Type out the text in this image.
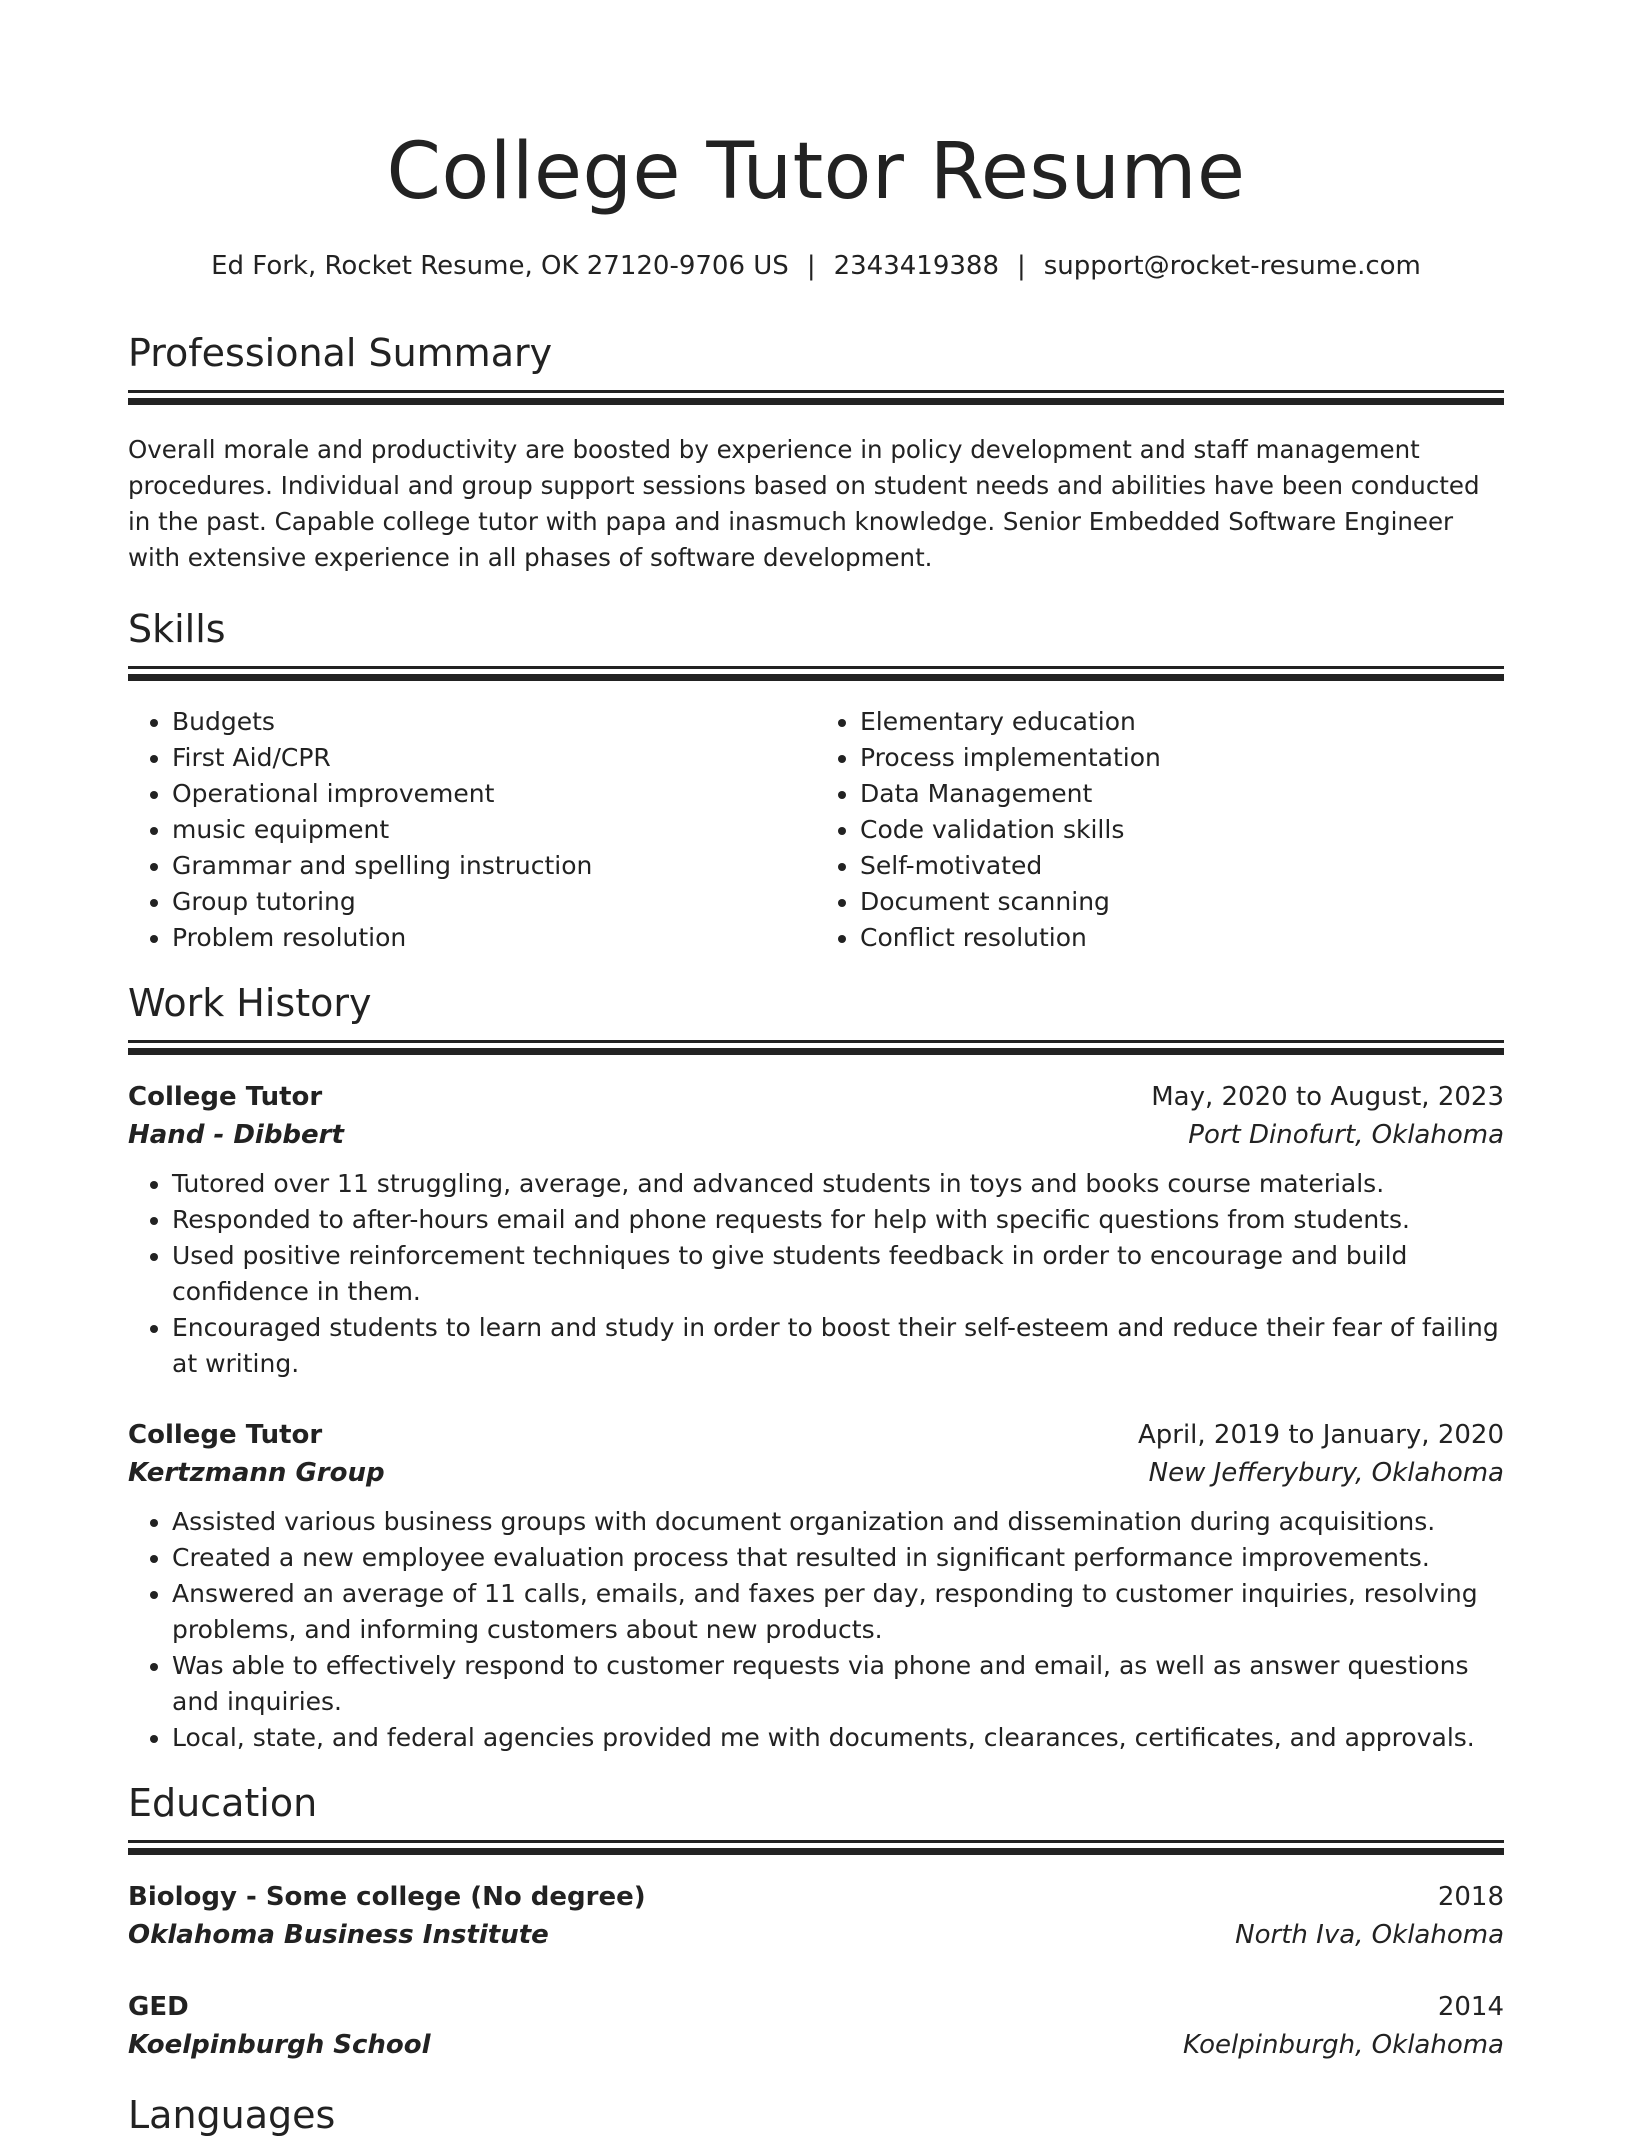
College Tutor Resume
Ed Fork, Rocket Resume, OK 27120-9706 US | 2343419388 | support@rocket-resume.com
Professional Summary
Overall morale and productivity are boosted by experience in policy development and staff management procedures. Individual and group support sessions based on student needs and abilities have been conducted in the past. Capable college tutor with papa and inasmuch knowledge. Senior Embedded Software Engineer with extensive experience in all phases of software development.
Skills
• Budgets
• First Aid/CPR
• Operational improvement
• music equipment
• Grammar and spelling instruction
• Group tutoring
• Problem resolution
• Elementary education
• Process implementation
• Data Management
• Code validation skills
• Self-motivated
• Document scanning
• Conflict resolution
Work History
College Tutor	May, 2020 to August, 2023
Hand - Dibbert	Port Dinofurt, Oklahoma
• Tutored over 11 struggling, average, and advanced students in toys and books course materials.
• Responded to after-hours email and phone requests for help with specific questions from students.
• Used positive reinforcement techniques to give students feedback in order to encourage and build confidence in them.
• Encouraged students to learn and study in order to boost their self-esteem and reduce their fear of failing at writing.
College Tutor	April, 2019 to January, 2020
Kertzmann Group	New Jefferybury, Oklahoma
• Assisted various business groups with document organization and dissemination during acquisitions.
• Created a new employee evaluation process that resulted in significant performance improvements.
• Answered an average of 11 calls, emails, and faxes per day, responding to customer inquiries, resolving problems, and informing customers about new products.
• Was able to effectively respond to customer requests via phone and email, as well as answer questions and inquiries.
• Local, state, and federal agencies provided me with documents, clearances, certificates, and approvals.
Education
Biology - Some college (No degree)	2018
Oklahoma Business Institute	North Iva, Oklahoma
GED	2014
Koelpinburgh School	Koelpinburgh, Oklahoma
Languages
